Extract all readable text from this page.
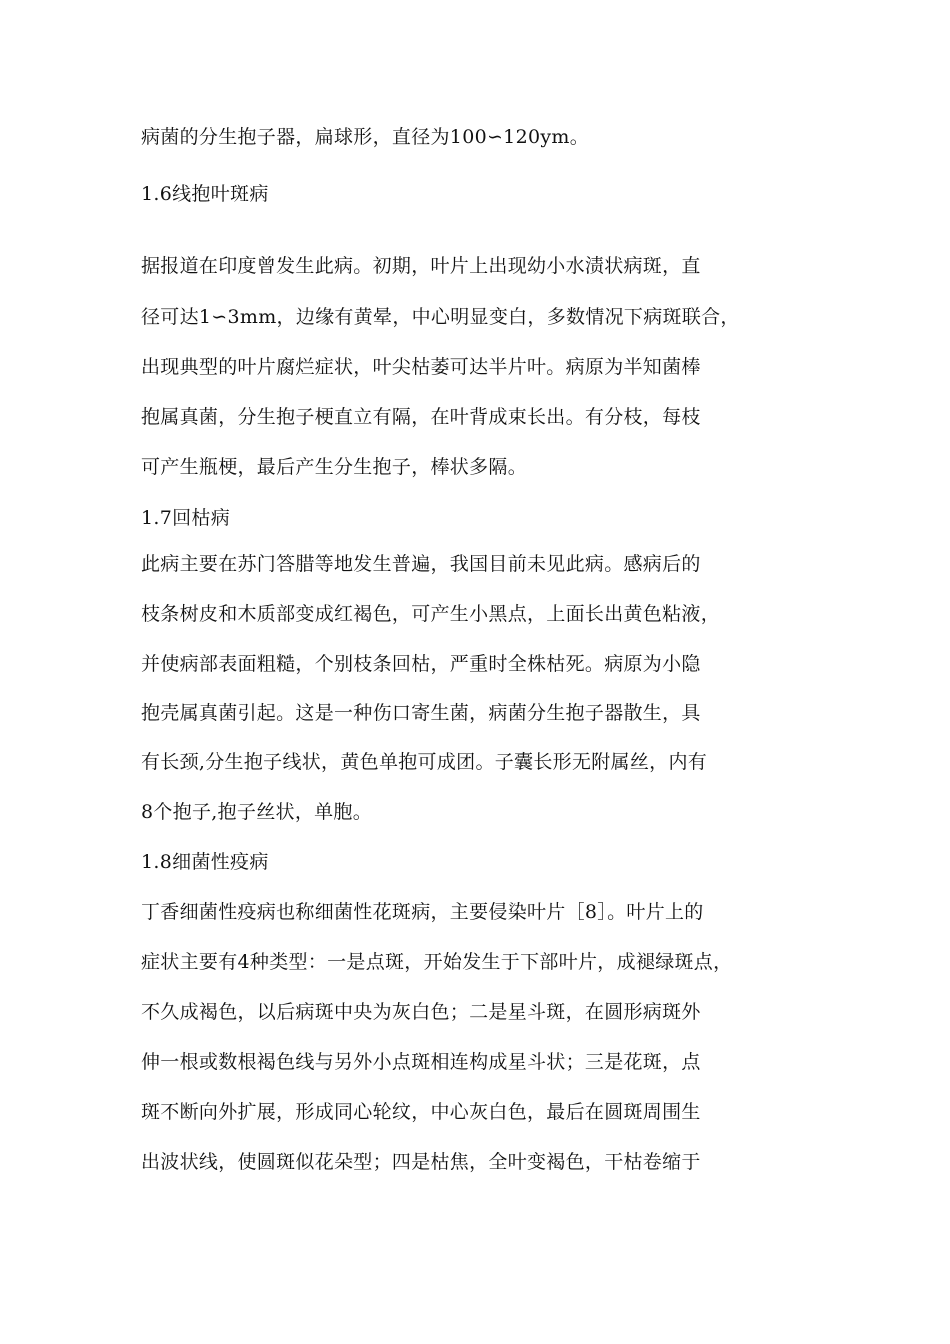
病菌的分生抱子器，扁球形，直径为100∽120ym。
1.6线抱叶斑病
据报道在印度曾发生此病。初期，叶片上出现幼小水渍状病斑，直
径可达1∽3mm，边缘有黄晕，中心明显变白，多数情况下病斑联合，
出现典型的叶片腐烂症状，叶尖枯萎可达半片叶。病原为半知菌棒
抱属真菌，分生抱子梗直立有隔，在叶背成束长出。有分枝，每枝
可产生瓶梗，最后产生分生抱子，棒状多隔。
1.7回枯病
此病主要在苏门答腊等地发生普遍，我国目前未见此病。感病后的
枝条树皮和木质部变成红褐色，可产生小黑点，上面长出黄色粘液，
并使病部表面粗糙，个别枝条回枯，严重时全株枯死。病原为小隐
抱壳属真菌引起。这是一种伤口寄生菌，病菌分生抱子器散生，具
有长颈,分生抱子线状，黄色单抱可成团。子囊长形无附属丝，内有
8个抱子,抱子丝状，单胞。
1.8细菌性疫病
丁香细菌性疫病也称细菌性花斑病，主要侵染叶片［8］。叶片上的
症状主要有4种类型：一是点斑，开始发生于下部叶片，成褪绿斑点，
不久成褐色，以后病斑中央为灰白色；二是星斗斑，在圆形病斑外
伸一根或数根褐色线与另外小点斑相连构成星斗状；三是花斑，点
斑不断向外扩展，形成同心轮纹，中心灰白色，最后在圆斑周围生
出波状线，使圆斑似花朵型；四是枯焦，全叶变褐色，干枯卷缩于
